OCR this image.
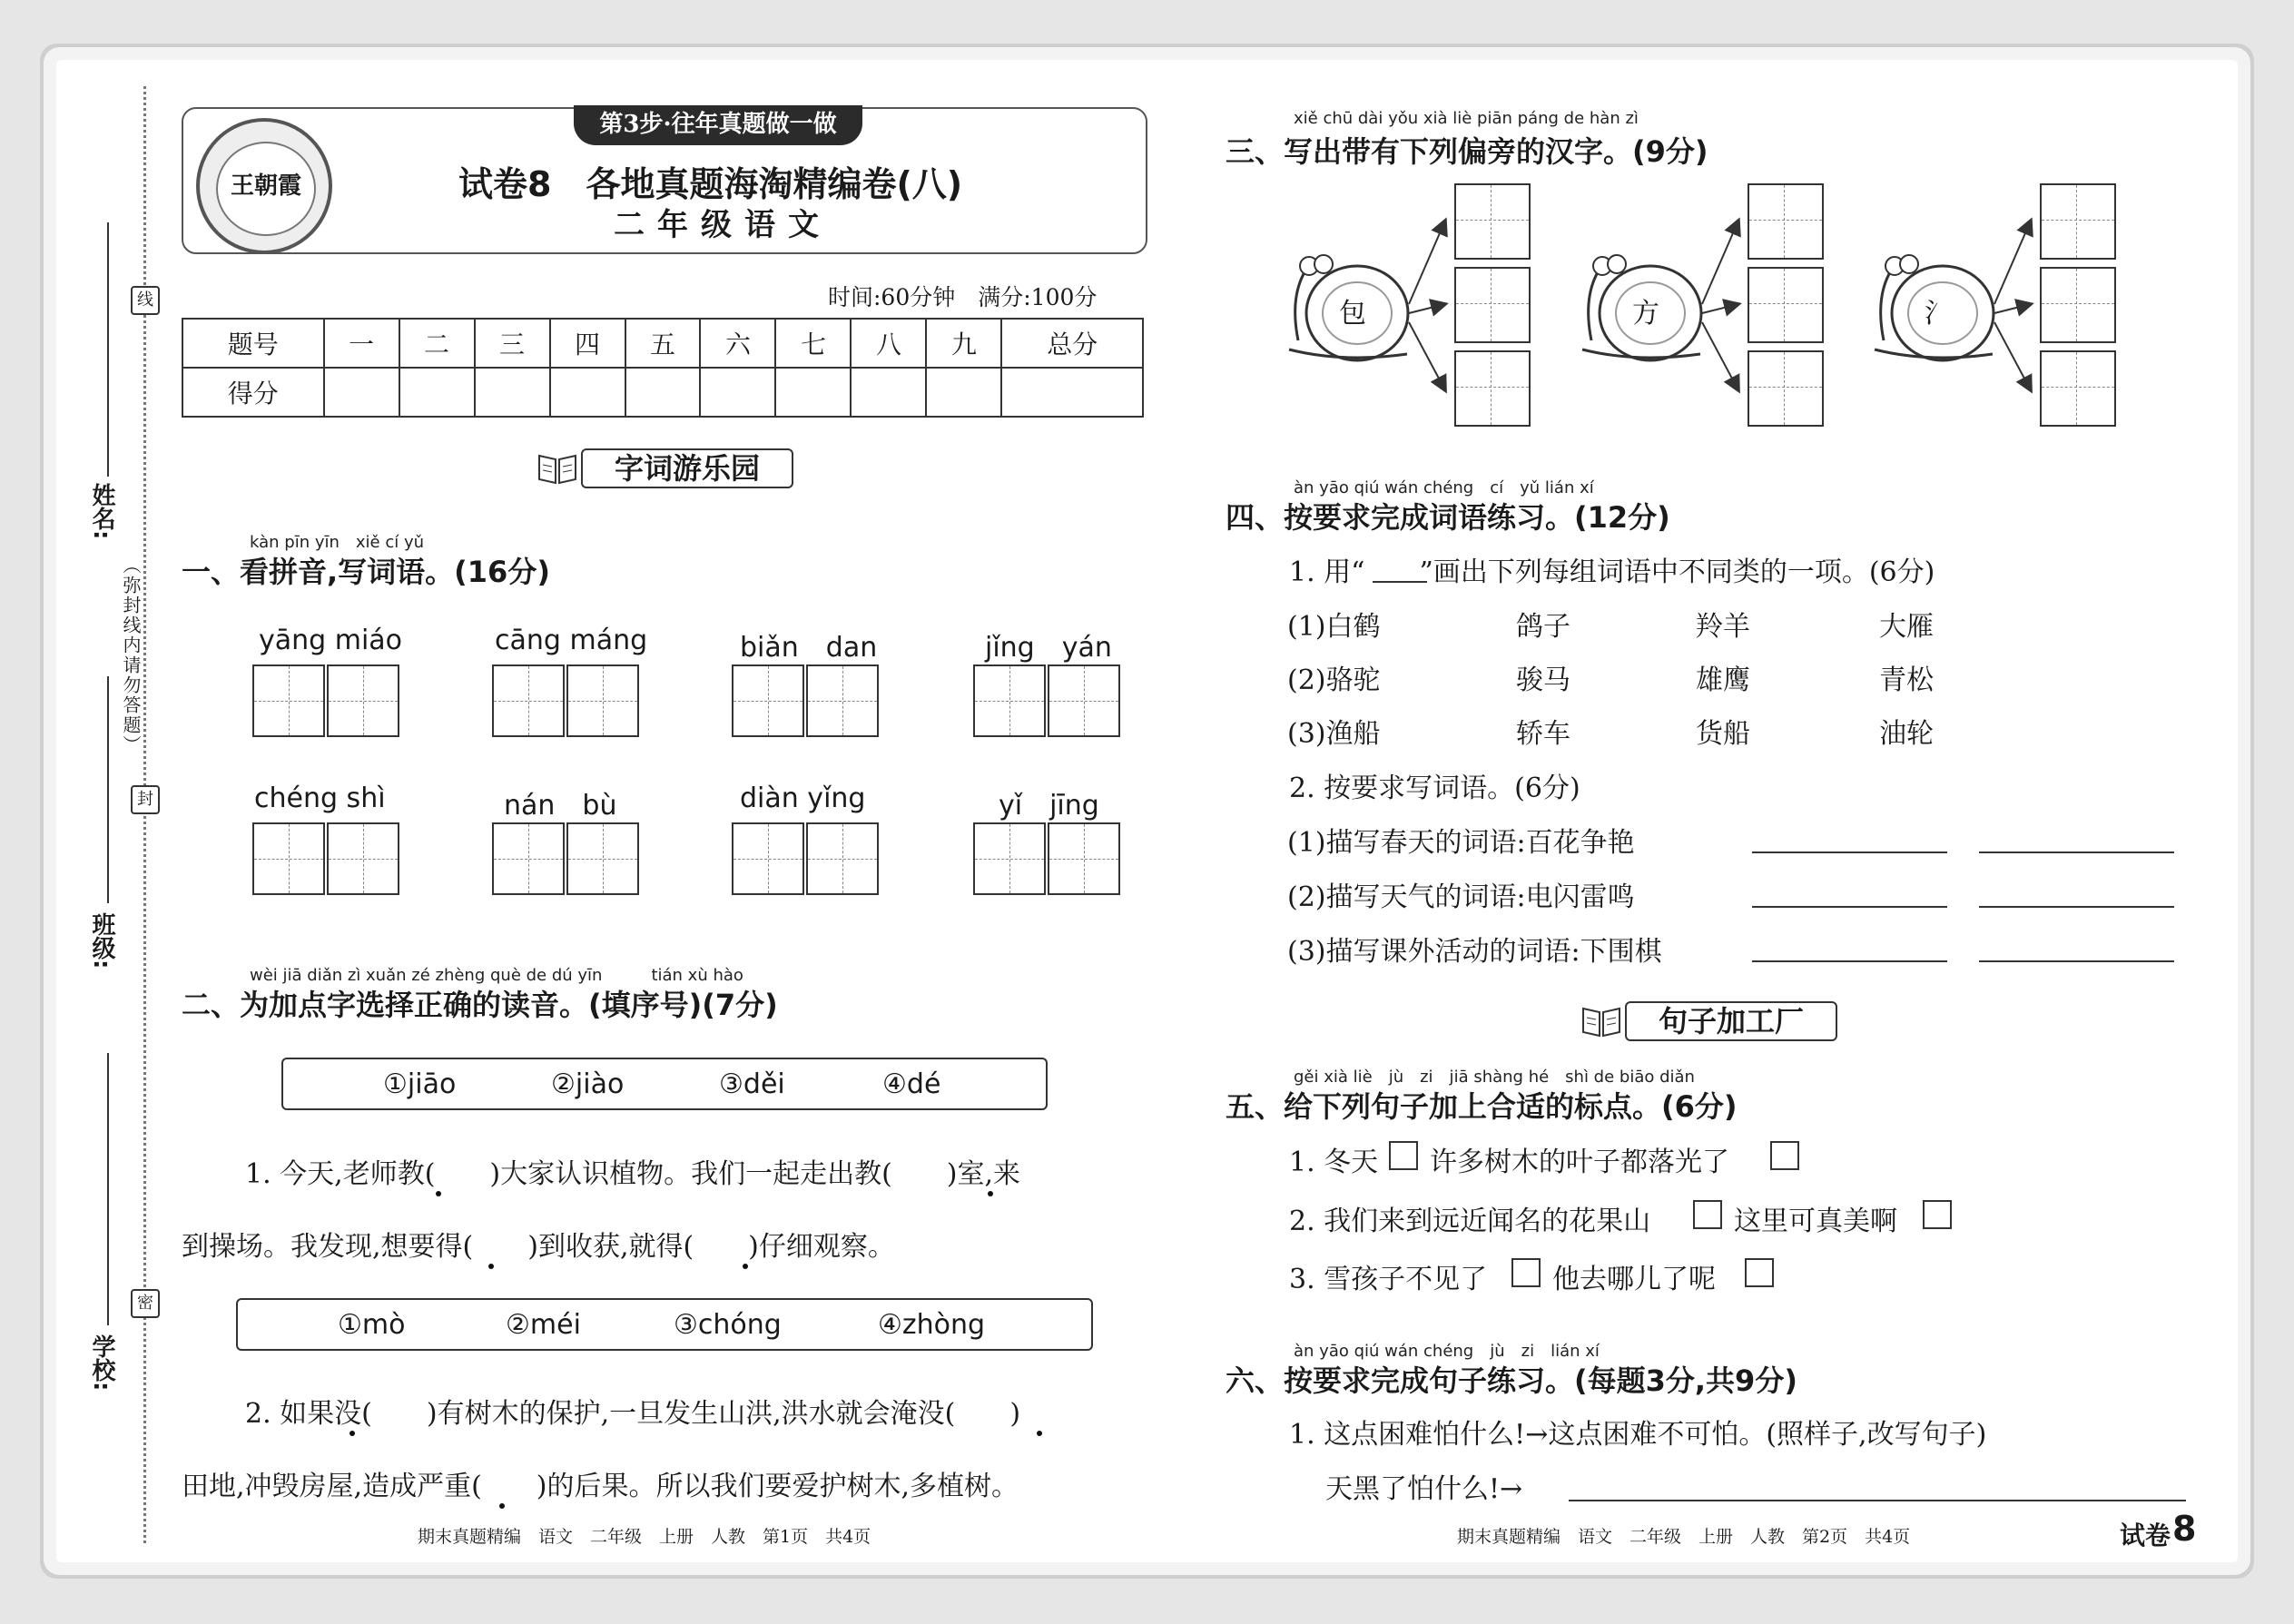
线
封
密
（弥封线内请勿答题）
姓名:
班级:
学校:
第3步·往年真题做一做
王朝霞	试卷8　各地真题海淘精编卷(八)
二年级语文
时间:60分钟　满分:100分
题号	一	二	三	四	五	六	七	八	九	总分
得分										
字词游乐园
kàn pīn yīn　xiě cí yǔ
一、看拼音,写词语。(16分)
yāng miáo	cāng máng	biǎn　dan	jǐng　yán
chéng shì	nán　bù	diàn yǐng	yǐ　jīng
wèi jiā diǎn zì xuǎn zé zhèng què de dú yīn　　　tián xù hào
二、为加点字选择正确的读音。(填序号)(7分)
①jiāo	②jiào	③děi	④dé
1. 今天,老师教(　　)大家认识植物。我们一起走出教(　　)室,来
到操场。我发现,想要得(　　)到收获,就得(　　)仔细观察。
①mò	②méi	③chóng	④zhòng
2. 如果没(　　)有树木的保护,一旦发生山洪,洪水就会淹没(　　)
田地,冲毁房屋,造成严重(　　)的后果。所以我们要爱护树木,多植树。
期末真题精编　语文　二年级　上册　人教　第1页　共4页
xiě chū dài yǒu xià liè piān páng de hàn zì
三、写出带有下列偏旁的汉字。(9分)
包	方	氵
àn yāo qiú wán chéng　cí　yǔ lián xí
四、按要求完成词语练习。(12分)
1. 用“　　”画出下列每组词语中不同类的一项。(6分)
(1)白鹤	鸽子	羚羊	大雁
(2)骆驼	骏马	雄鹰	青松
(3)渔船	轿车	货船	油轮
2. 按要求写词语。(6分)
(1)描写春天的词语:百花争艳
(2)描写天气的词语:电闪雷鸣
(3)描写课外活动的词语:下围棋
句子加工厂
gěi xià liè　jù　zi　jiā shàng hé　shì de biāo diǎn
五、给下列句子加上合适的标点。(6分)
1. 冬天 许多树木的叶子都落光了
2. 我们来到远近闻名的花果山	这里可真美啊
3. 雪孩子不见了 他去哪儿了呢
àn yāo qiú wán chéng　jù　zi　lián xí
六、按要求完成句子练习。(每题3分,共9分)
1. 这点困难怕什么!→这点困难不可怕。(照样子,改写句子)
天黑了怕什么!→
期末真题精编　语文　二年级　上册　人教　第2页　共4页	试卷 8
